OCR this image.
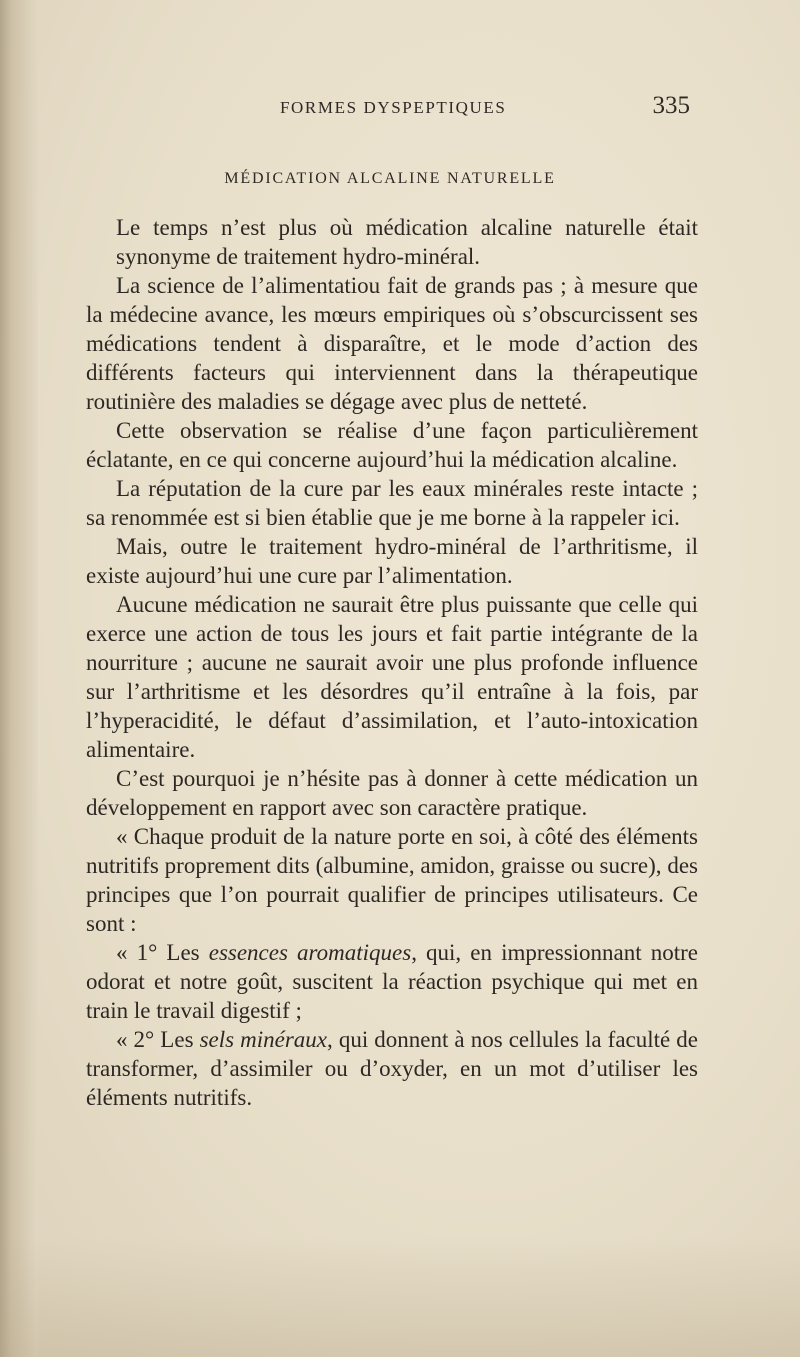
FORMES DYSPEPTIQUES	335
MÉDICATION ALCALINE NATURELLE

Le temps n’est plus où médication alcaline naturelle était synonyme de traitement hydro-minéral.

La science de l’alimentatiou fait de grands pas ; à mesure que la médecine avance, les mœurs empiriques où s’obscurcissent ses médications tendent à disparaître, et le mode d’action des différents facteurs qui interviennent dans la thérapeutique routinière des maladies se dégage avec plus de netteté.

Cette observation se réalise d’une façon particulièrement éclatante, en ce qui concerne aujourd’hui la médication alcaline.

La réputation de la cure par les eaux minérales reste intacte ; sa renommée est si bien établie que je me borne à la rappeler ici.

Mais, outre le traitement hydro-minéral de l’arthritisme, il existe aujourd’hui une cure par l’alimentation.

Aucune médication ne saurait être plus puissante que celle qui exerce une action de tous les jours et fait partie intégrante de la nourriture ; aucune ne saurait avoir une plus profonde influence sur l’arthritisme et les désordres qu’il entraîne à la fois, par l’hyperacidité, le défaut d’assimilation, et l’auto-intoxication alimentaire.

C’est pourquoi je n’hésite pas à donner à cette médication un développement en rapport avec son caractère pratique.

« Chaque produit de la nature porte en soi, à côté des éléments nutritifs proprement dits (albumine, amidon, graisse ou sucre), des principes que l’on pourrait qualifier de principes utilisateurs. Ce sont :

« 1° Les essences aromatiques, qui, en impressionnant notre odorat et notre goût, suscitent la réaction psychique qui met en train le travail digestif ;

« 2° Les sels minéraux, qui donnent à nos cellules la faculté de transformer, d’assimiler ou d’oxyder, en un mot d’utiliser les éléments nutritifs.
